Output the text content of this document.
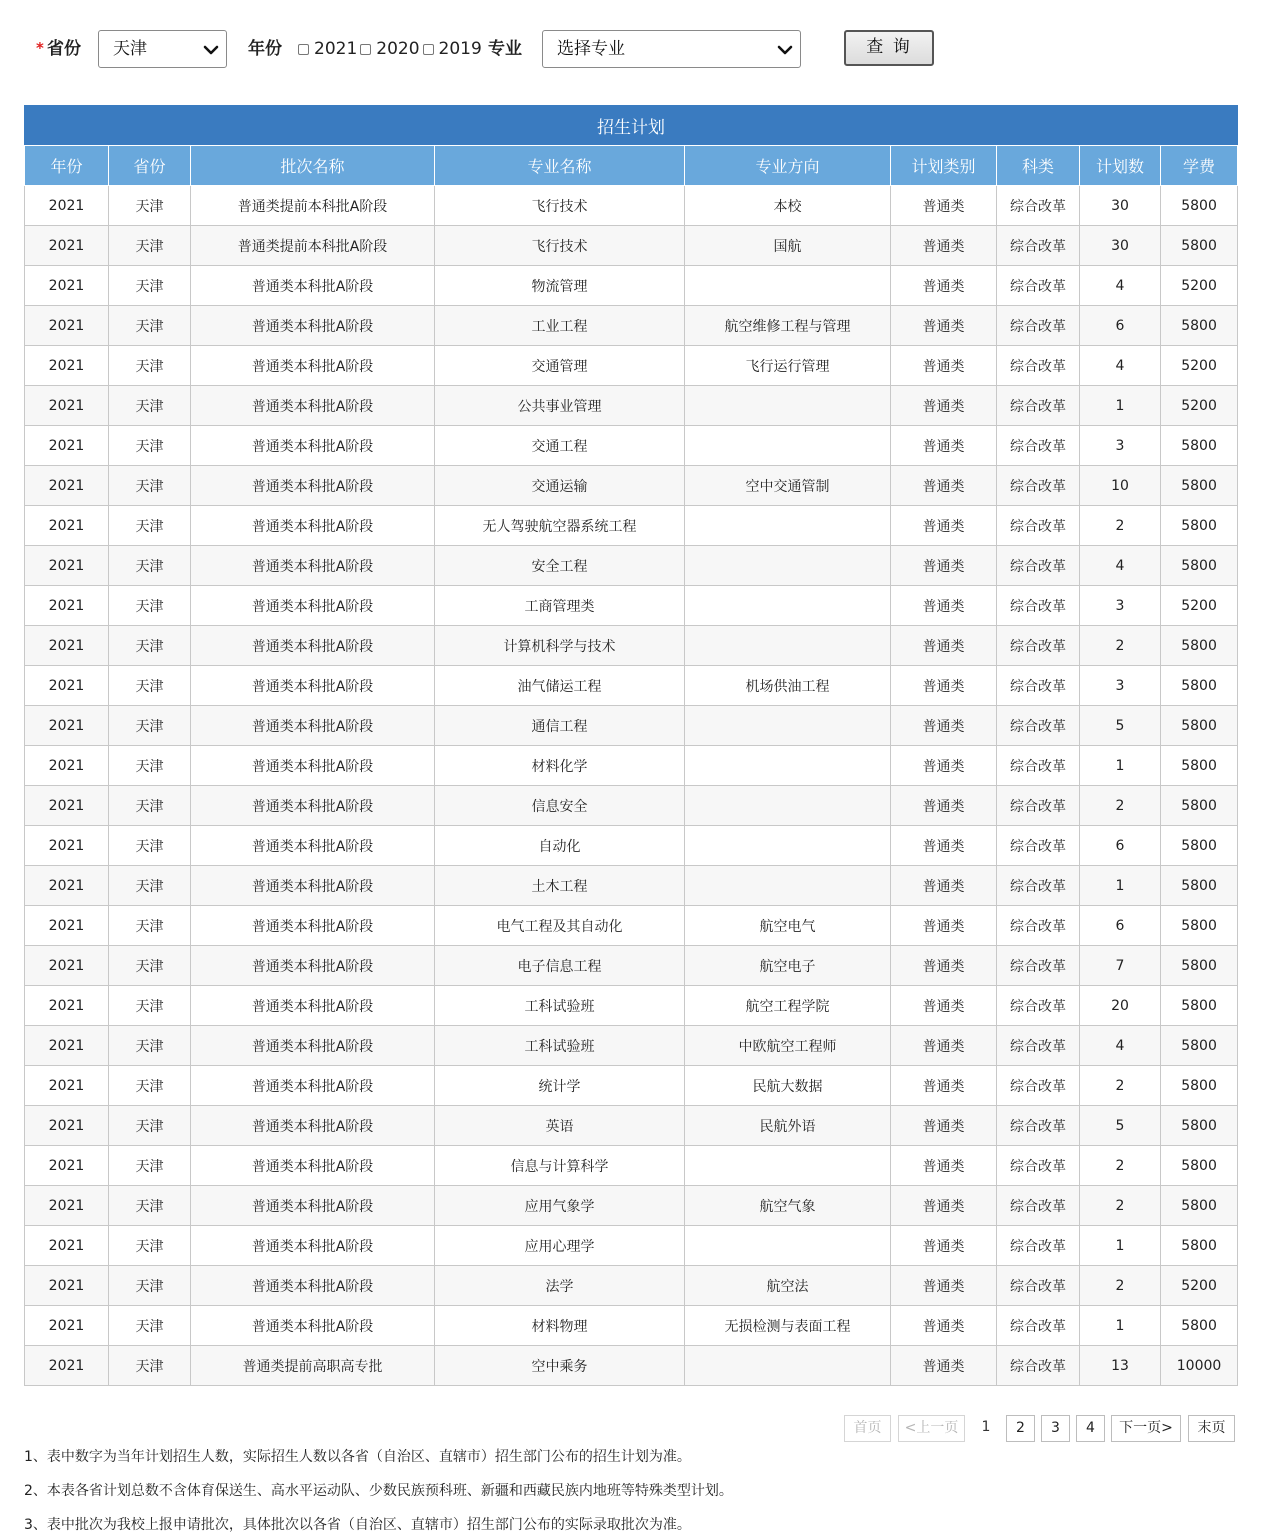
* 省份	天津	年份 2021 2020 2019 专业	选择专业	查 询
招生计划								
年份	省份	批次名称	专业名称	专业方向	计划类别	科类	计划数	学费
2021	天津	普通类提前本科批A阶段	飞行技术	本校	普通类	综合改革	30	5800
2021	天津	普通类提前本科批A阶段	飞行技术	国航	普通类	综合改革	30	5800
2021	天津	普通类本科批A阶段	物流管理		普通类	综合改革	4	5200
2021	天津	普通类本科批A阶段	工业工程	航空维修工程与管理	普通类	综合改革	6	5800
2021	天津	普通类本科批A阶段	交通管理	飞行运行管理	普通类	综合改革	4	5200
2021	天津	普通类本科批A阶段	公共事业管理		普通类	综合改革	1	5200
2021	天津	普通类本科批A阶段	交通工程		普通类	综合改革	3	5800
2021	天津	普通类本科批A阶段	交通运输	空中交通管制	普通类	综合改革	10	5800
2021	天津	普通类本科批A阶段	无人驾驶航空器系统工程		普通类	综合改革	2	5800
2021	天津	普通类本科批A阶段	安全工程		普通类	综合改革	4	5800
2021	天津	普通类本科批A阶段	工商管理类		普通类	综合改革	3	5200
2021	天津	普通类本科批A阶段	计算机科学与技术		普通类	综合改革	2	5800
2021	天津	普通类本科批A阶段	油气储运工程	机场供油工程	普通类	综合改革	3	5800
2021	天津	普通类本科批A阶段	通信工程		普通类	综合改革	5	5800
2021	天津	普通类本科批A阶段	材料化学		普通类	综合改革	1	5800
2021	天津	普通类本科批A阶段	信息安全		普通类	综合改革	2	5800
2021	天津	普通类本科批A阶段	自动化		普通类	综合改革	6	5800
2021	天津	普通类本科批A阶段	土木工程		普通类	综合改革	1	5800
2021	天津	普通类本科批A阶段	电气工程及其自动化	航空电气	普通类	综合改革	6	5800
2021	天津	普通类本科批A阶段	电子信息工程	航空电子	普通类	综合改革	7	5800
2021	天津	普通类本科批A阶段	工科试验班	航空工程学院	普通类	综合改革	20	5800
2021	天津	普通类本科批A阶段	工科试验班	中欧航空工程师	普通类	综合改革	4	5800
2021	天津	普通类本科批A阶段	统计学	民航大数据	普通类	综合改革	2	5800
2021	天津	普通类本科批A阶段	英语	民航外语	普通类	综合改革	5	5800
2021	天津	普通类本科批A阶段	信息与计算科学		普通类	综合改革	2	5800
2021	天津	普通类本科批A阶段	应用气象学	航空气象	普通类	综合改革	2	5800
2021	天津	普通类本科批A阶段	应用心理学		普通类	综合改革	1	5800
2021	天津	普通类本科批A阶段	法学	航空法	普通类	综合改革	2	5200
2021	天津	普通类本科批A阶段	材料物理	无损检测与表面工程	普通类	综合改革	1	5800
2021	天津	普通类提前高职高专批	空中乘务		普通类	综合改革	13	10000
首页	<上一页	1	2	3	4	下一页>	末页
1、表中数字为当年计划招生人数，实际招生人数以各省（自治区、直辖市）招生部门公布的招生计划为准。
2、本表各省计划总数不含体育保送生、高水平运动队、少数民族预科班、新疆和西藏民族内地班等特殊类型计划。
3、表中批次为我校上报申请批次，具体批次以各省（自治区、直辖市）招生部门公布的实际录取批次为准。
